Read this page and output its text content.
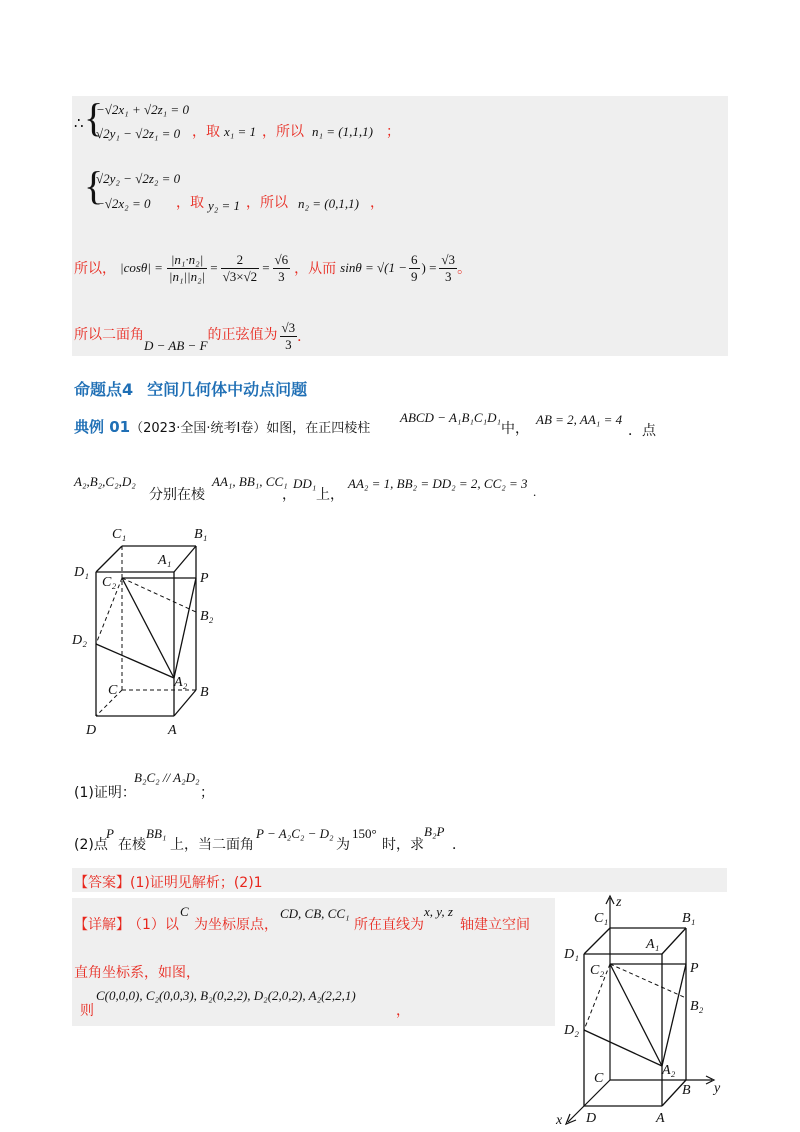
∴ {
−√2x₁ + √2z₁ = 0
√2y₁ − √2z₁ = 0 ，取 x₁ = 1 ，所以 n₁ = (1,1,1) ；
{
√2y₂ − √2z₂ = 0
−√2x₂ = 0 ，取 y₂ = 1 ，所以 n₂ = (0,1,1) ，
所以， $|\cos\theta| = \frac{\text{|n₁·n₂|}}{\text{|n₁||n₂|}} = \frac{2}{√3\times√2} = \frac{√6}{3}$ ，从而 $\sin\theta = √(1 - \frac{6}{9}$ ) = $\frac{√3}{3}$ 。
所以二面角
D − AB − F
的正弦值为 $\frac{√3}{3}$ ．
命题点4 空间几何体中动点问题
典例 01 （2023·全国·统考Ⅰ卷）如图，在正四棱柱
ABCD − A₁B₁C₁D₁
中，
AB = 2, AA₁ = 4
．点
A₂,B₂,C₂,D₂
分别在棱
AA₁, BB₁, CC₁
，
DD₁
上，
AA₂ = 1, BB₂ = DD₂ = 2, CC₂ = 3
.
C₁	B₁
A₁
D₁
C₂	P
B₂
D₂
A₂
C	B
D	A
(1)证明：
B₂C₂ // A₂D₂
；
(2)点
P
在棱
BB₁
上，当二面角
P − A₂C₂ − D₂
为
150°
时，求
B₂P
．
【答案】(1)证明见解析；(2)1
【详解】
（1）以
C
为坐标原点，
CD, CB, CC₁
所在直线为
x, y, z
轴建立空间
直角坐标系，如图，
则
C(0,0,0), C₂(0,0,3), B₂(0,2,2), D₂(2,0,2), A₂(2,2,1)
，
z
y
x
C₁	B₁
A₁
D₁
C₂	P
B₂
D₂
A₂
C
B
D	A
